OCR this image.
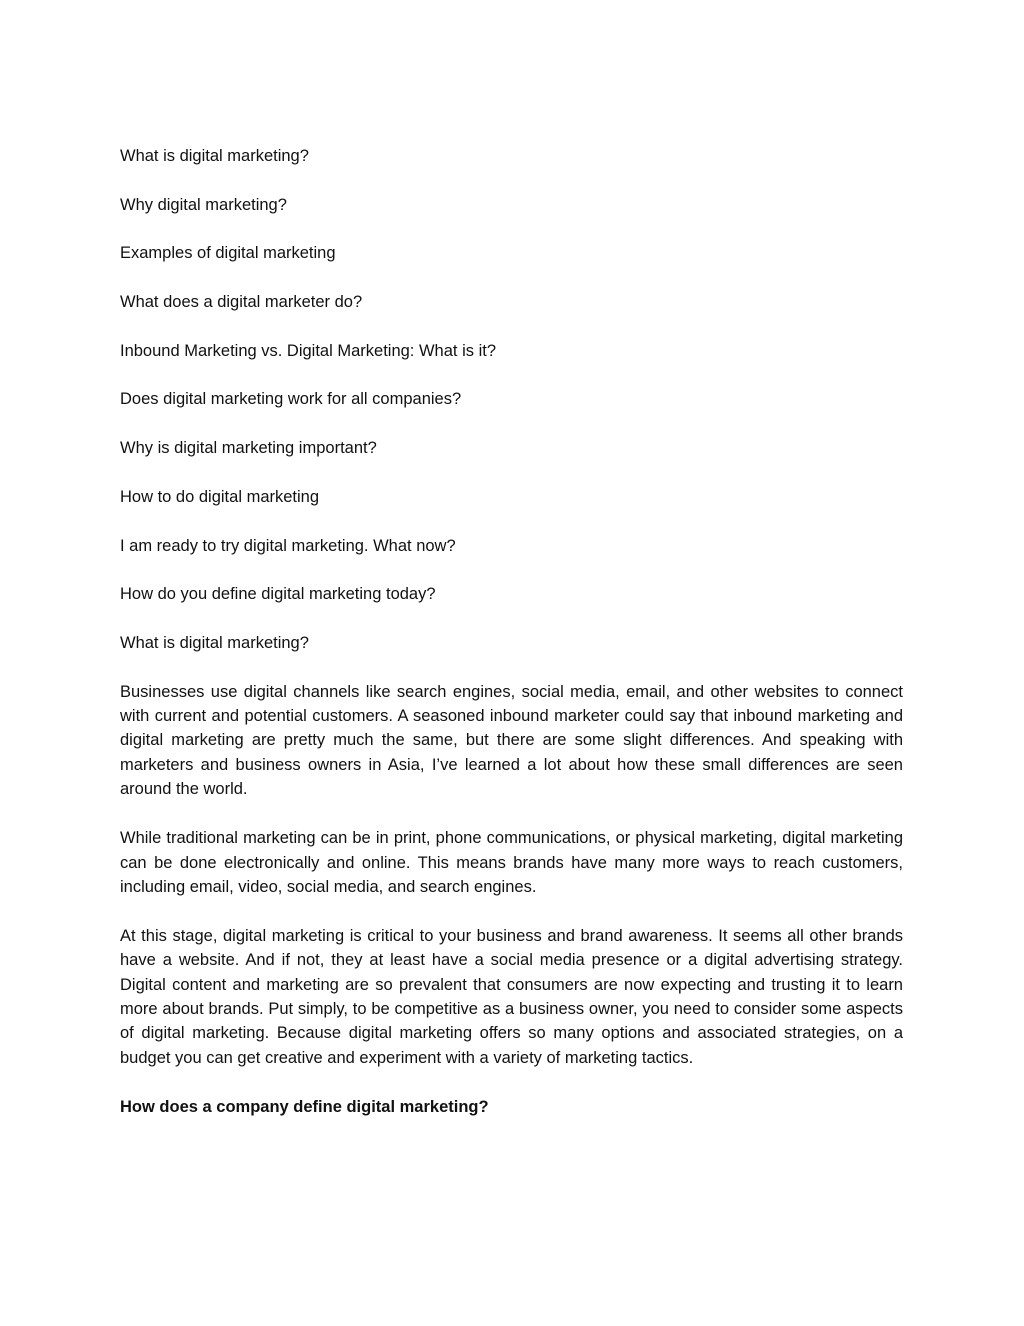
What is digital marketing?
Why digital marketing?
Examples of digital marketing
What does a digital marketer do?
Inbound Marketing vs. Digital Marketing: What is it?
Does digital marketing work for all companies?
Why is digital marketing important?
How to do digital marketing
I am ready to try digital marketing. What now?
How do you define digital marketing today?
What is digital marketing?

Businesses use digital channels like search engines, social media, email, and other websites to connect with current and potential customers. A seasoned inbound marketer could say that inbound marketing and digital marketing are pretty much the same, but there are some slight differences. And speaking with marketers and business owners in Asia, I’ve learned a lot about how these small differences are seen around the world.

While traditional marketing can be in print, phone communications, or physical marketing, digital marketing can be done electronically and online. This means brands have many more ways to reach customers, including email, video, social media, and search engines.

At this stage, digital marketing is critical to your business and brand awareness. It seems all other brands have a website. And if not, they at least have a social media presence or a digital advertising strategy. Digital content and marketing are so prevalent that consumers are now expecting and trusting it to learn more about brands. Put simply, to be competitive as a business owner, you need to consider some aspects of digital marketing. Because digital marketing offers so many options and associated strategies, on a budget you can get creative and experiment with a variety of marketing tactics.

How does a company define digital marketing?
